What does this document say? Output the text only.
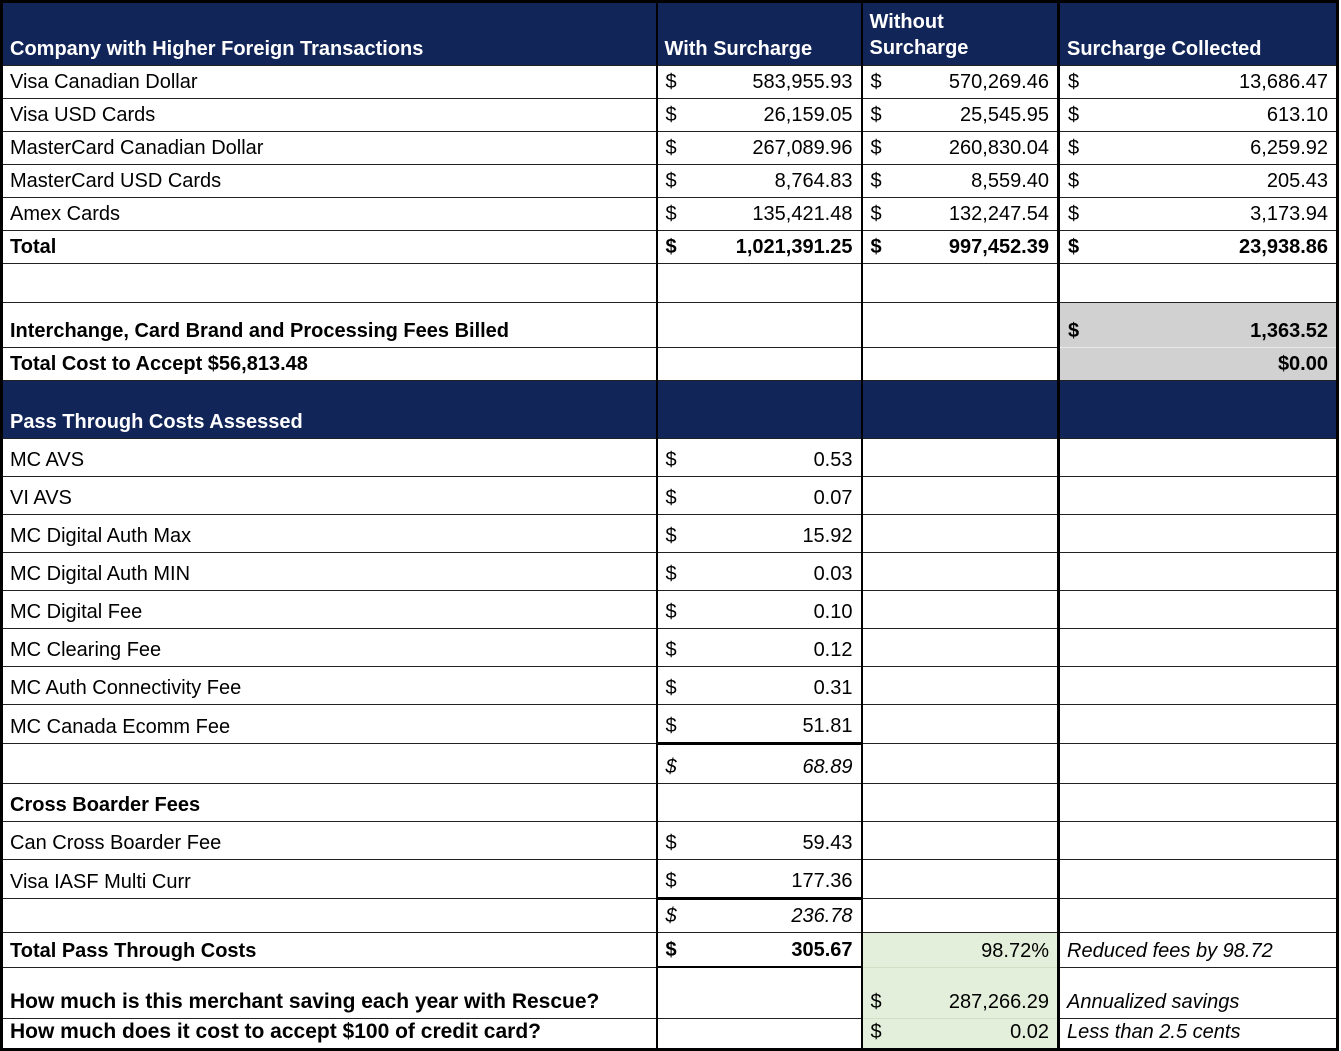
Company with Higher Foreign Transactions	With Surcharge	Without Surcharge	Surcharge Collected
Visa Canadian Dollar	$ 583,955.93	$ 570,269.46	$ 13,686.47

Visa USD Cards	$ 26,159.05	$ 25,545.95	$ 613.10

MasterCard Canadian Dollar	$ 267,089.96	$ 260,830.04	$ 6,259.92

MasterCard USD Cards	$ 8,764.83	$ 8,559.40	$ 205.43

Amex Cards	$ 135,421.48	$ 132,247.54	$ 3,173.94

Total	$ 1,021,391.25	$ 997,452.39	$ 23,938.86

Interchange, Card Brand and Processing Fees Billed			$ 1,363.52

Total Cost to Accept $56,813.48			$0.00
Pass Through Costs Assessed			
MC AVS	$ 0.53		

VI AVS	$ 0.07		

MC Digital Auth Max	$ 15.92		

MC Digital Auth MIN	$ 0.03		

MC Digital Fee	$ 0.10		

MC Clearing Fee	$ 0.12		

MC Auth Connectivity Fee	$ 0.31		

MC Canada Ecomm Fee	$ 51.81		

	$ 68.89		

Cross Boarder Fees			
Can Cross Boarder Fee	$ 59.43		

Visa IASF Multi Curr	$ 177.36		

	$ 236.78		

Total Pass Through Costs	$ 305.67	98.72%	Reduced fees by 98.72
How much is this merchant saving each year with Rescue?		$ 287,266.29	Annualized savings
How much does it cost to accept $100 of credit card?		$ 0.02	Less than 2.5 cents
